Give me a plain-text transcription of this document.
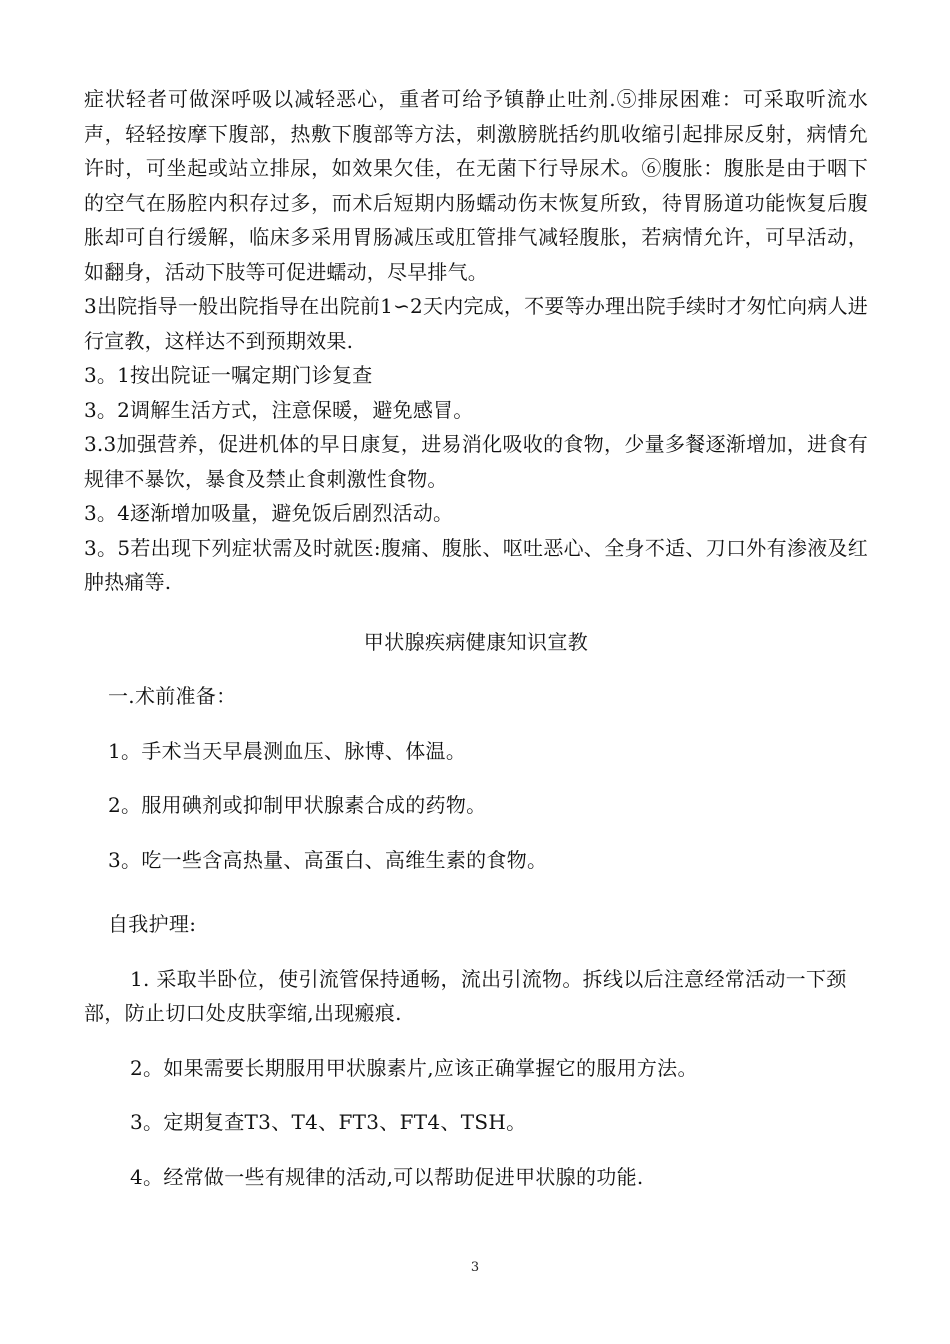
症状轻者可做深呼吸以减轻恶心，重者可给予镇静止吐剂.⑤排尿困难：可采取听流水声，轻轻按摩下腹部，热敷下腹部等方法，刺激膀胱括约肌收缩引起排尿反射，病情允许时，可坐起或站立排尿，如效果欠佳，在无菌下行导尿术。⑥腹胀：腹胀是由于咽下的空气在肠腔内积存过多，而术后短期内肠蠕动伤末恢复所致，待胃肠道功能恢复后腹胀却可自行缓解，临床多采用胃肠减压或肛管排气减轻腹胀，若病情允许，可早活动，如翻身，活动下肢等可促进蠕动，尽早排气。

3出院指导一般出院指导在出院前1∽2天内完成，不要等办理出院手续时才匆忙向病人进行宣教，这样达不到预期效果.

3。1按出院证一嘱定期门诊复查

3。2调解生活方式，注意保暖，避免感冒。

3.3加强营养，促进机体的早日康复，进易消化吸收的食物，少量多餐逐渐增加，进食有规律不暴饮，暴食及禁止食刺激性食物。

3。4逐渐增加吸量，避免饭后剧烈活动。

3。5若出现下列症状需及时就医:腹痛、腹胀、呕吐恶心、全身不适、刀口外有渗液及红肿热痛等.

甲状腺疾病健康知识宣教

一.术前准备：

1。手术当天早晨测血压、脉博、体温。

2。服用碘剂或抑制甲状腺素合成的药物。

3。吃一些含高热量、高蛋白、高维生素的食物。

自我护理:

1. 采取半卧位，使引流管保持通畅，流出引流物。拆线以后注意经常活动一下颈部，防止切口处皮肤挛缩,出现瘢痕.

2。如果需要长期服用甲状腺素片,应该正确掌握它的服用方法。

3。定期复查T3、T4、FT3、FT4、TSH。

4。经常做一些有规律的活动,可以帮助促进甲状腺的功能.

3
